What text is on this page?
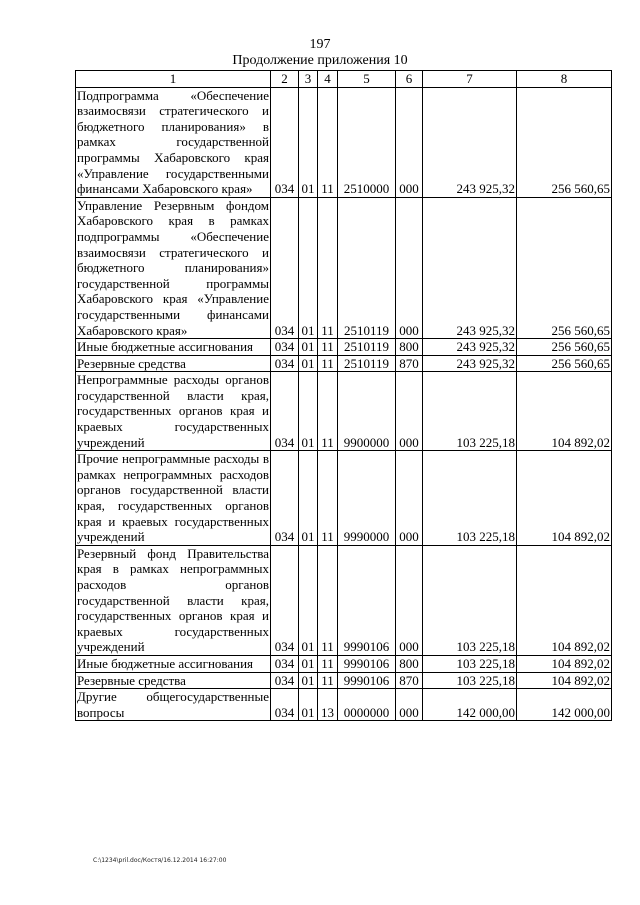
197
Продолжение приложения 10
1	2	3	4	5	6	7	8
Подпрограмма «Обеспечение взаимосвязи стратегического и бюджетного планирования» в рамках государственной программы Хабаровского края «Управление государственными финансами Хабаровского края»	034	01	11	2510000	000	243 925,32	256 560,65
Управление Резервным фондом Хабаровского края в рамках подпрограммы «Обеспечение взаимосвязи стратегического и бюджетного планирования» государственной программы Хабаровского края «Управление государственными финансами Хабаровского края»	034	01	11	2510119	000	243 925,32	256 560,65
Иные бюджетные ассигнования	034	01	11	2510119	800	243 925,32	256 560,65
Резервные средства	034	01	11	2510119	870	243 925,32	256 560,65
Непрограммные расходы органов государственной власти края, государственных органов края и краевых государственных учреждений	034	01	11	9900000	000	103 225,18	104 892,02
Прочие непрограммные расходы в рамках непрограммных расходов органов государственной власти края, государственных органов края и краевых государственных учреждений	034	01	11	9990000	000	103 225,18	104 892,02
Резервный фонд Правительства края в рамках непрограммных расходов органов государственной власти края, государственных органов края и краевых государственных учреждений	034	01	11	9990106	000	103 225,18	104 892,02
Иные бюджетные ассигнования	034	01	11	9990106	800	103 225,18	104 892,02
Резервные средства	034	01	11	9990106	870	103 225,18	104 892,02
Другие общегосударственные вопросы	034	01	13	0000000	000	142 000,00	142 000,00
C:\1234\pril.doc/Костя/16.12.2014 16:27:00
